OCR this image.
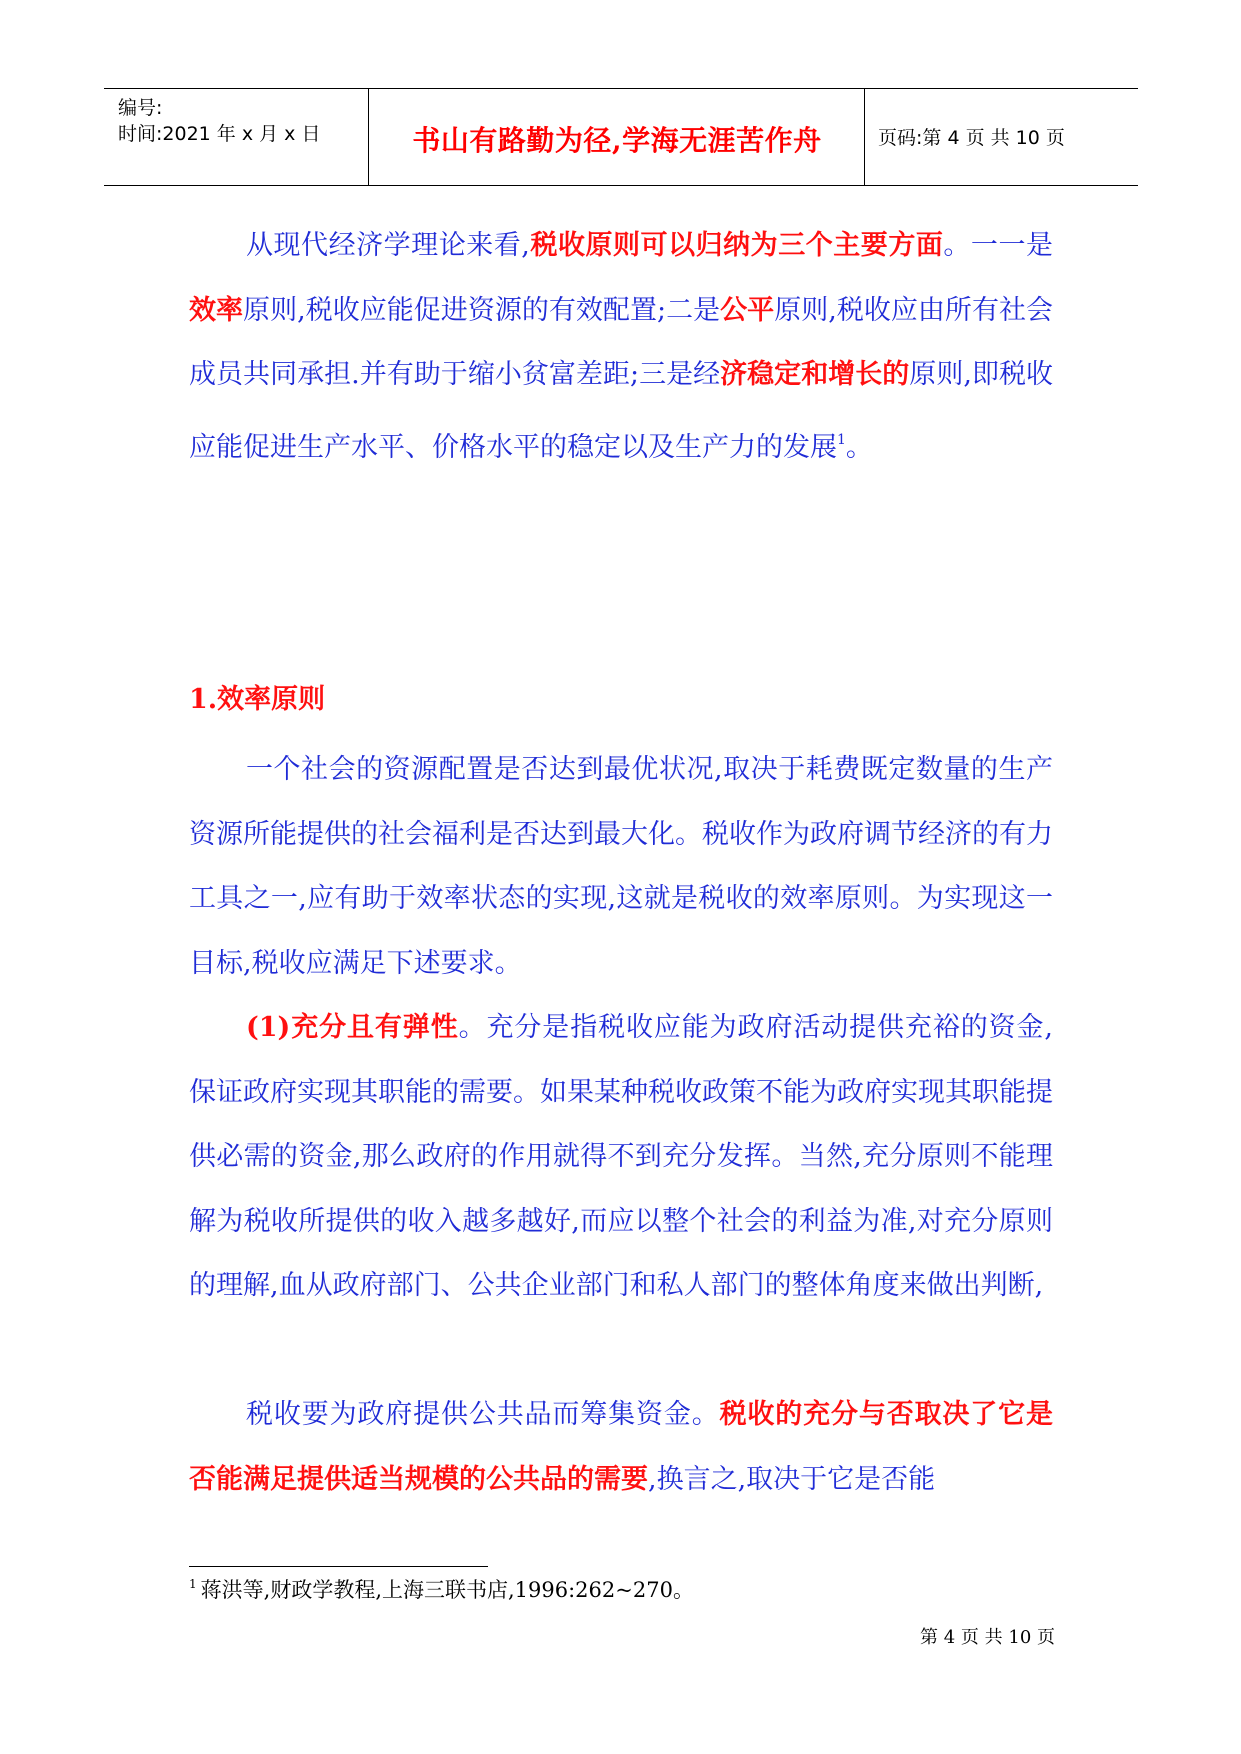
编号:
时间:2021 年 x 月 x 日	书山有路勤为径,学海无涯苦作舟	页码:第 4 页 共 10 页

从现代经济学理论来看,税收原则可以归纳为三个主要方面。一一是效率原则,税收应能促进资源的有效配置;二是公平原则,税收应由所有社会成员共同承担.并有助于缩小贫富差距;三是经济稳定和增长的原则,即税收应能促进生产水平、价格水平的稳定以及生产力的发展$^1$。

1.效率原则

一个社会的资源配置是否达到最优状况,取决于耗费既定数量的生产资源所能提供的社会福利是否达到最大化。税收作为政府调节经济的有力工具之一,应有助于效率状态的实现,这就是税收的效率原则。为实现这一目标,税收应满足下述要求。

(1)充分且有弹性。充分是指税收应能为政府活动提供充裕的资金,保证政府实现其职能的需要。如果某种税收政策不能为政府实现其职能提供必需的资金,那么政府的作用就得不到充分发挥。当然,充分原则不能理解为税收所提供的收入越多越好,而应以整个社会的利益为准,对充分原则的理解,血从政府部门、公共企业部门和私人部门的整体角度来做出判断,

税收要为政府提供公共品而筹集资金。税收的充分与否取决了它是否能满足提供适当规模的公共品的需要,换言之,取决于它是否能

$^1$ 蒋洪等,财政学教程,上海三联书店,1996:262~270。

第 4 页 共 10 页
